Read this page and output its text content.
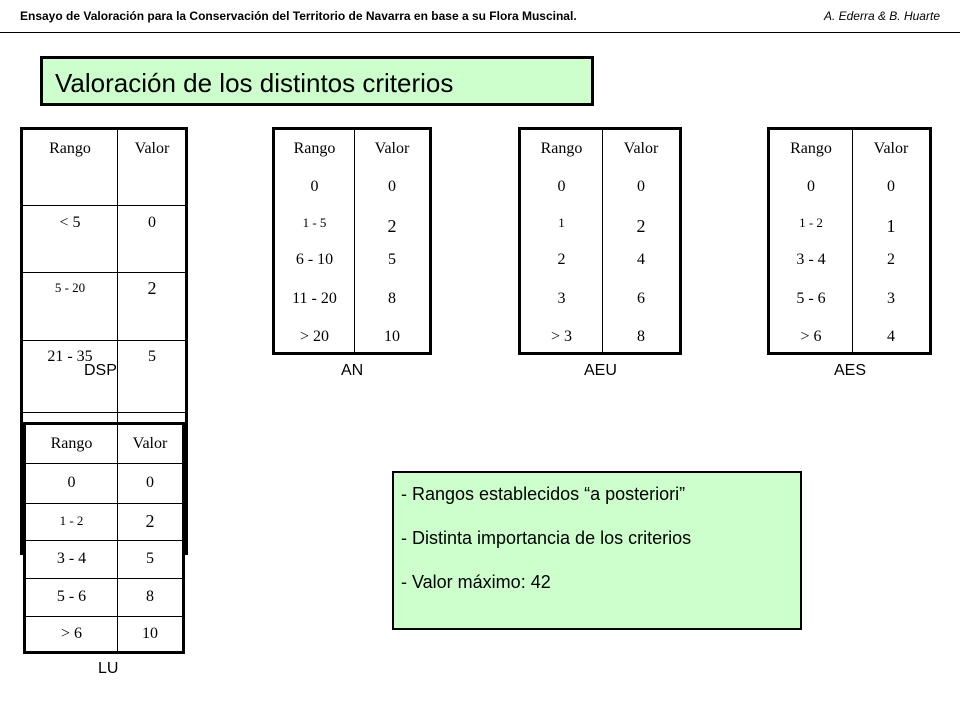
Ensayo de Valoración para la Conservación del Territorio de Navarra en base a su Flora Muscinal.	A. Ederra & B. Huarte
Valoración de los distintos criterios
Rango	Valor
< 5	0
5 - 20	2
21 - 35	5
DSP
Rango	Valor
0	0
1 - 5	2
6 - 10	5
11 - 20	8
> 20	10
AN
Rango	Valor
0	0
1	2
2	4
3	6
> 3	8
AEU
Rango	Valor
0	0
1 - 2	1
3 - 4	2
5 - 6	3
> 6	4
AES
Rango	Valor
0	0
1 - 2	2
3 - 4	5
5 - 6	8
> 6	10
LU
- Rangos establecidos “a posteriori”
- Distinta importancia de los criterios
- Valor máximo: 42
